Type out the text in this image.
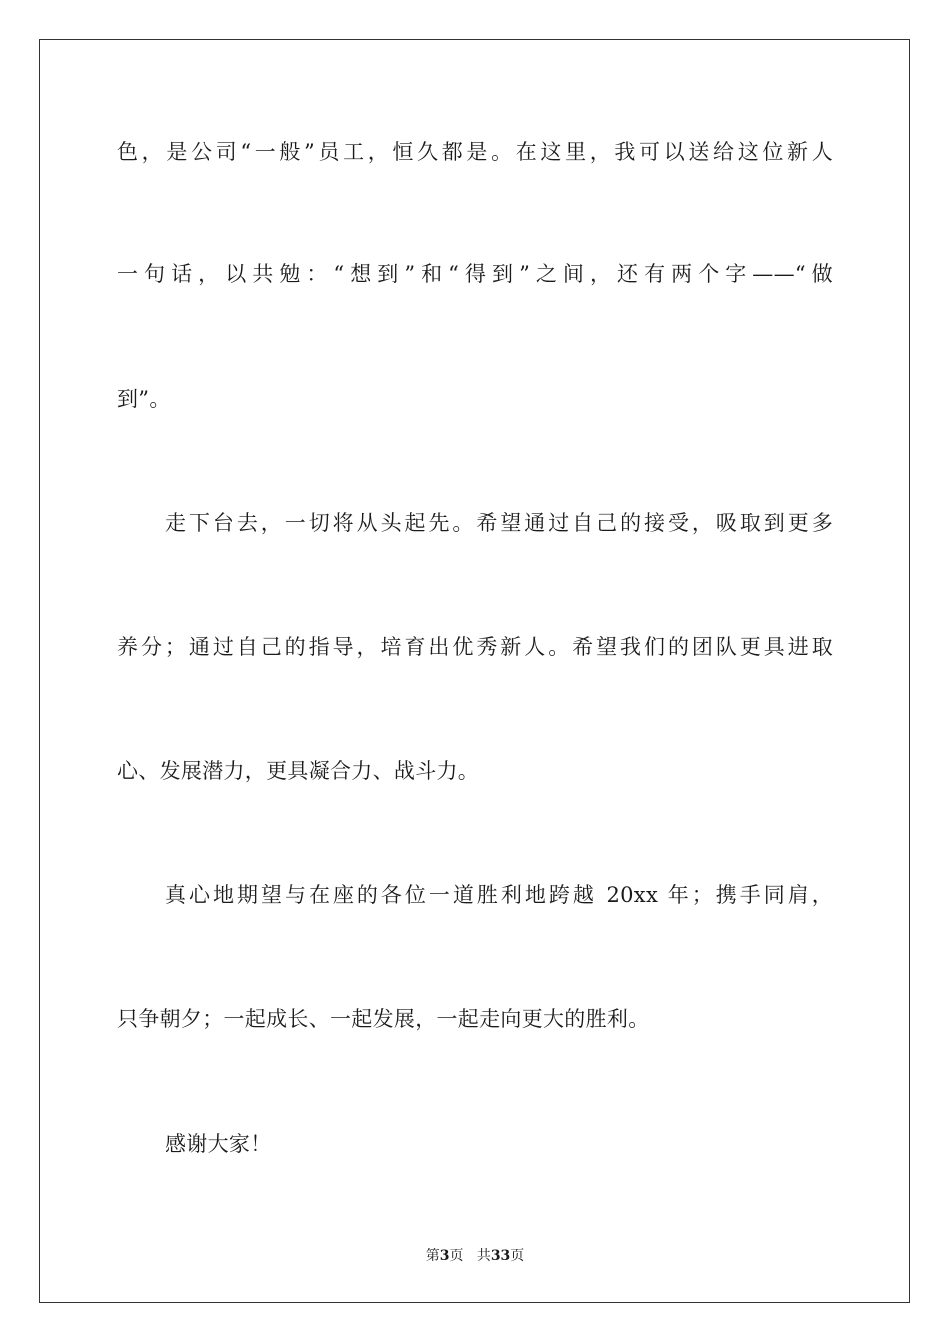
色，是公司“一般”员工，恒久都是。在这里，我可以送给这位新人
一句话，以共勉：“想到”和“得到”之间，还有两个字——“做
到”。
走下台去，一切将从头起先。希望通过自己的接受，吸取到更多
养分；通过自己的指导，培育出优秀新人。希望我们的团队更具进取
心、发展潜力，更具凝合力、战斗力。
真心地期望与在座的各位一道胜利地跨越 20xx 年；携手同肩，
只争朝夕；一起成长、一起发展，一起走向更大的胜利。
感谢大家！
第3页 共33页
